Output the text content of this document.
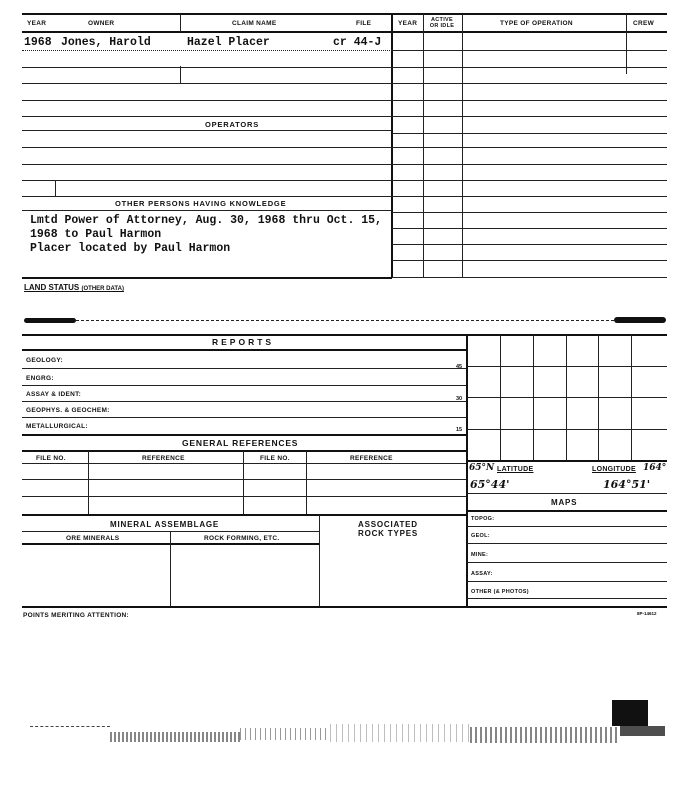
YEAR	OWNER	CLAIM NAME	FILE	YEAR	ACTIVE OR IDLE	TYPE OF OPERATION	CREW
1968 Jones, Harold	Hazel Placer	cr 44-J
OPERATORS
OTHER PERSONS HAVING KNOWLEDGE
Lmtd Power of Attorney, Aug. 30, 1968 thru Oct. 15,
1968 to Paul Harmon
Placer located by Paul Harmon
LAND STATUS (OTHER DATA)
REPORTS
GEOLOGY:
45
ENGRG:
ASSAY & IDENT:
30
GEOPHYS. & GEOCHEM:
METALLURGICAL:	15
GENERAL REFERENCES
FILE NO.	REFERENCE	FILE NO.	REFERENCE
MINERAL ASSEMBLAGE	ASSOCIATED
ROCK TYPES
ORE MINERALS	ROCK FORMING, ETC.
65°N LATITUDE	LONGITUDE 164°
65°44'	164°51'
MAPS
TOPOG:
GEOL:
MINE:
ASSAY:
OTHER (& PHOTOS)
POINTS MERITING ATTENTION:	8P-14612
